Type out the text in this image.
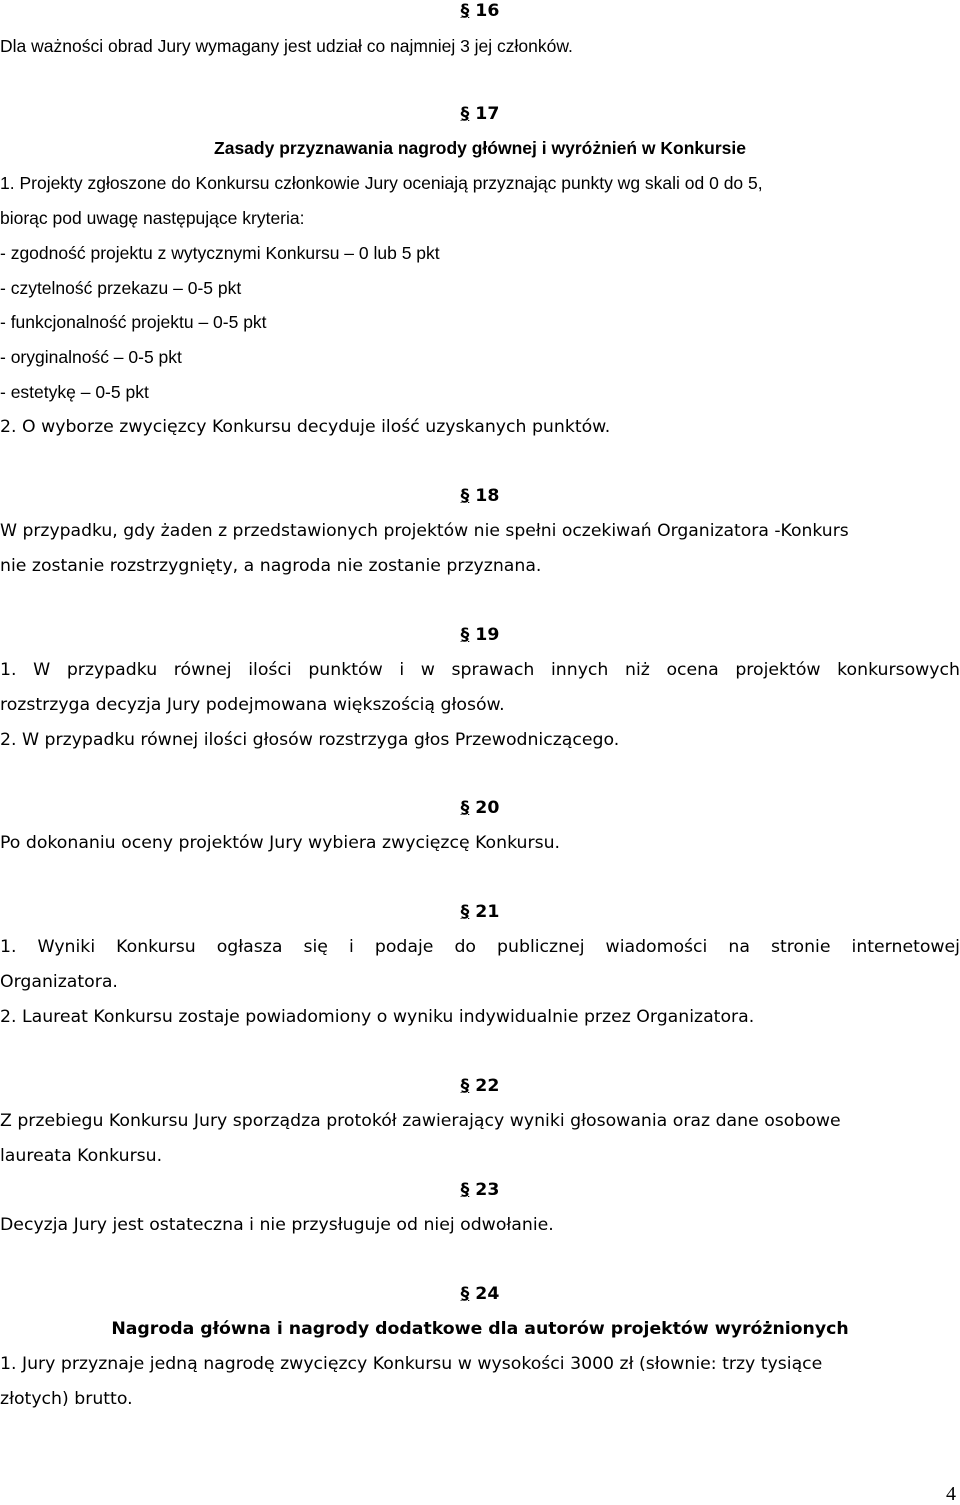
§ 16
Dla ważności obrad Jury wymagany jest udział co najmniej 3 jej członków.
§ 17
Zasady przyznawania nagrody głównej i wyróżnień w Konkursie
1. Projekty zgłoszone do Konkursu członkowie Jury oceniają przyznając punkty wg skali od 0 do 5,
biorąc pod uwagę następujące kryteria:
- zgodność projektu z wytycznymi Konkursu – 0 lub 5 pkt
- czytelność przekazu – 0-5 pkt
- funkcjonalność projektu – 0-5 pkt
- oryginalność – 0-5 pkt
- estetykę – 0-5 pkt
2. O wyborze zwycięzcy Konkursu decyduje ilość uzyskanych punktów.
§ 18
W przypadku, gdy żaden z przedstawionych projektów nie spełni oczekiwań Organizatora -Konkurs
nie zostanie rozstrzygnięty, a nagroda nie zostanie przyznana.
§ 19
1. W przypadku równej ilości punktów i w sprawach innych niż ocena projektów konkursowych
rozstrzyga decyzja Jury podejmowana większością głosów.
2. W przypadku równej ilości głosów rozstrzyga głos Przewodniczącego.
§ 20
Po dokonaniu oceny projektów Jury wybiera zwycięzcę Konkursu.
§ 21
1. Wyniki Konkursu ogłasza się i podaje do publicznej wiadomości na stronie internetowej
Organizatora.
2. Laureat Konkursu zostaje powiadomiony o wyniku indywidualnie przez Organizatora.
§ 22
Z przebiegu Konkursu Jury sporządza protokół zawierający wyniki głosowania oraz dane osobowe
laureata Konkursu.
§ 23
Decyzja Jury jest ostateczna i nie przysługuje od niej odwołanie.
§ 24
Nagroda główna i nagrody dodatkowe dla autorów projektów wyróżnionych
1. Jury przyznaje jedną nagrodę zwycięzcy Konkursu w wysokości 3000 zł (słownie: trzy tysiące
złotych) brutto.
4
